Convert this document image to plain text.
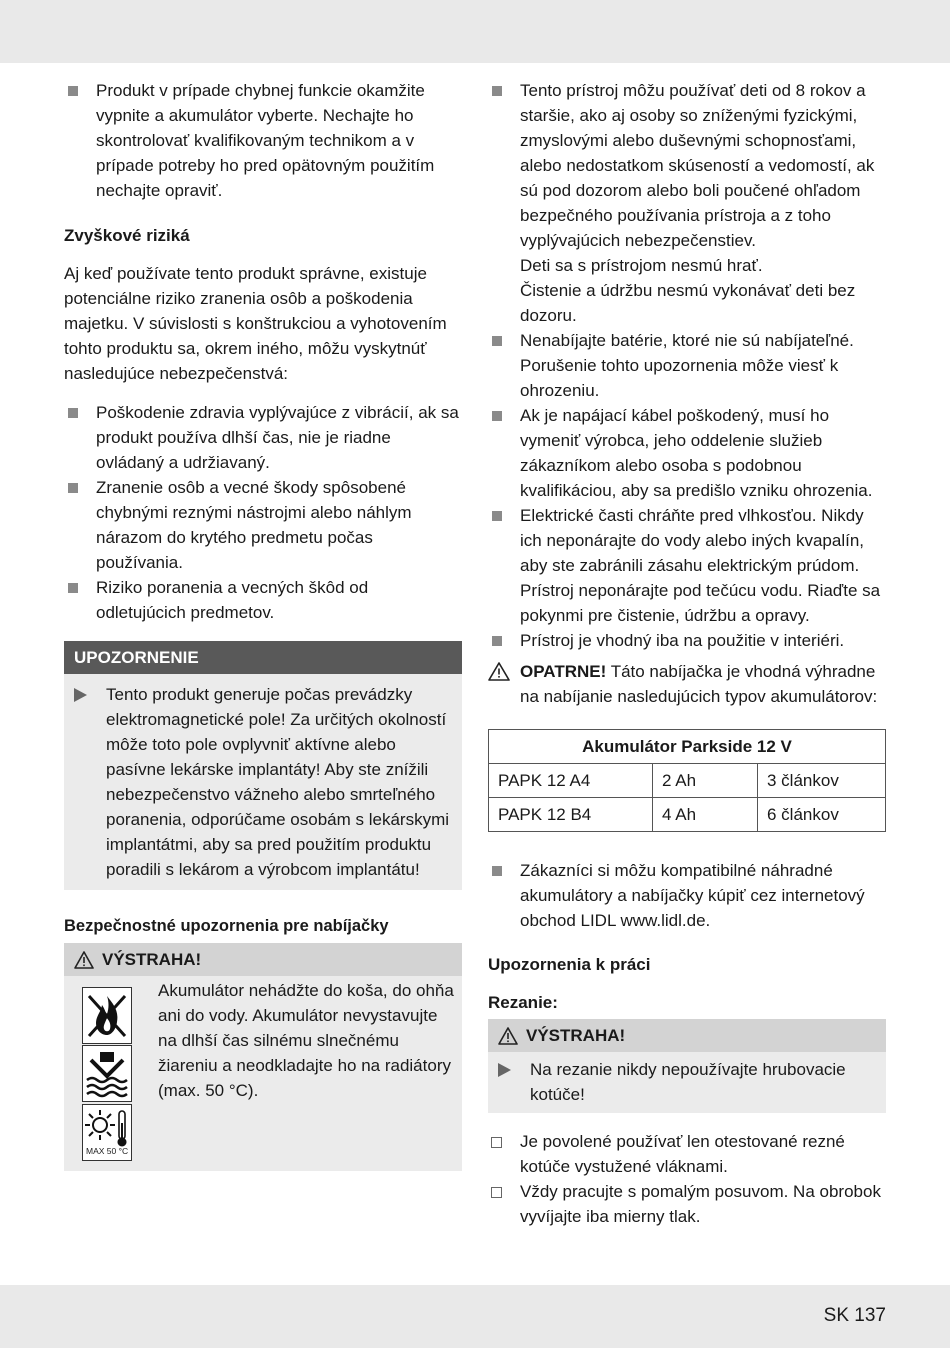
Produkt v prípade chybnej funkcie okamžite vypnite a akumulátor vyberte. Nechajte ho skontrolovať kvalifikovaným technikom a v prípade potreby ho pred opätovným použitím nechajte opraviť.
Zvyškové riziká

Aj keď používate tento produkt správne, existuje potenciálne riziko zranenia osôb a poškodenia majetku. V súvislosti s konštrukciou a vyhotovením tohto produktu sa, okrem iného, môžu vyskytnúť nasledujúce nebezpečenstvá:

Poškodenie zdravia vyplývajúce z vibrácií, ak sa produkt používa dlhší čas, nie je riadne ovládaný a udržiavaný.
Zranenie osôb a vecné škody spôsobené chybnými reznými nástrojmi alebo náhlym nárazom do krytého predmetu počas používania.
Riziko poranenia a vecných škôd od odletujúcich predmetov.
UPOZORNENIE
Tento produkt generuje počas prevádzky elektromagnetické pole! Za určitých okolností môže toto pole ovplyvniť aktívne alebo pasívne lekárske implantáty! Aby ste znížili nebezpečenstvo vážneho alebo smrteľného poranenia, odporúčame osobám s lekárskymi implantátmi, aby sa pred použitím produktu poradili s lekárom a výrobcom implantátu!
Bezpečnostné upozornenia pre nabíjačky
VÝSTRAHA!
MAX 50 °C

Akumulátor nehádžte do koša, do ohňa ani do vody. Akumulátor nevystavujte na dlhší čas silnému slnečnému žiareniu a neodkladajte ho na radiátory (max. 50 °C).

Tento prístroj môžu používať deti od 8 rokov a staršie, ako aj osoby so zníženými fyzickými, zmyslovými alebo duševnými schopnosťami, alebo nedostatkom skúseností a vedomostí, ak sú pod dozorom alebo boli poučené ohľadom bezpečného používania prístroja a z toho vyplývajúcich nebezpečenstiev.
Deti sa s prístrojom nesmú hrať.
Čistenie a údržbu nesmú vykonávať deti bez dozoru.
Nenabíjajte batérie, ktoré nie sú nabíjateľné. Porušenie tohto upozornenia môže viesť k ohrozeniu.
Ak je napájací kábel poškodený, musí ho vymeniť výrobca, jeho oddelenie služieb zákazníkom alebo osoba s podobnou kvalifikáciou, aby sa predišlo vzniku ohrozenia.
Elektrické časti chráňte pred vlhkosťou. Nikdy ich neponárajte do vody alebo iných kvapalín, aby ste zabránili zásahu elektrickým prúdom. Prístroj neponárajte pod tečúcu vodu. Riaďte sa pokynmi pre čistenie, údržbu a opravy.
Prístroj je vhodný iba na použitie v interiéri.
OPATRNE! Táto nabíjačka je vhodná výhradne na nabíjanie nasledujúcich typov akumulátorov:
Akumulátor Parkside 12 V		
PAPK 12 A4	2 Ah	3 článkov
PAPK 12 B4	4 Ah	6 článkov
Zákazníci si môžu kompatibilné náhradné akumulátory a nabíjačky kúpiť cez internetový obchod LIDL www.lidl.de.
Upozornenia k práci
Rezanie:
VÝSTRAHA!
Na rezanie nikdy nepoužívajte hrubovacie kotúče!
Je povolené používať len otestované rezné kotúče vystužené vláknami.
Vždy pracujte s pomalým posuvom. Na obrobok vyvíjajte iba mierny tlak.
SK 137
